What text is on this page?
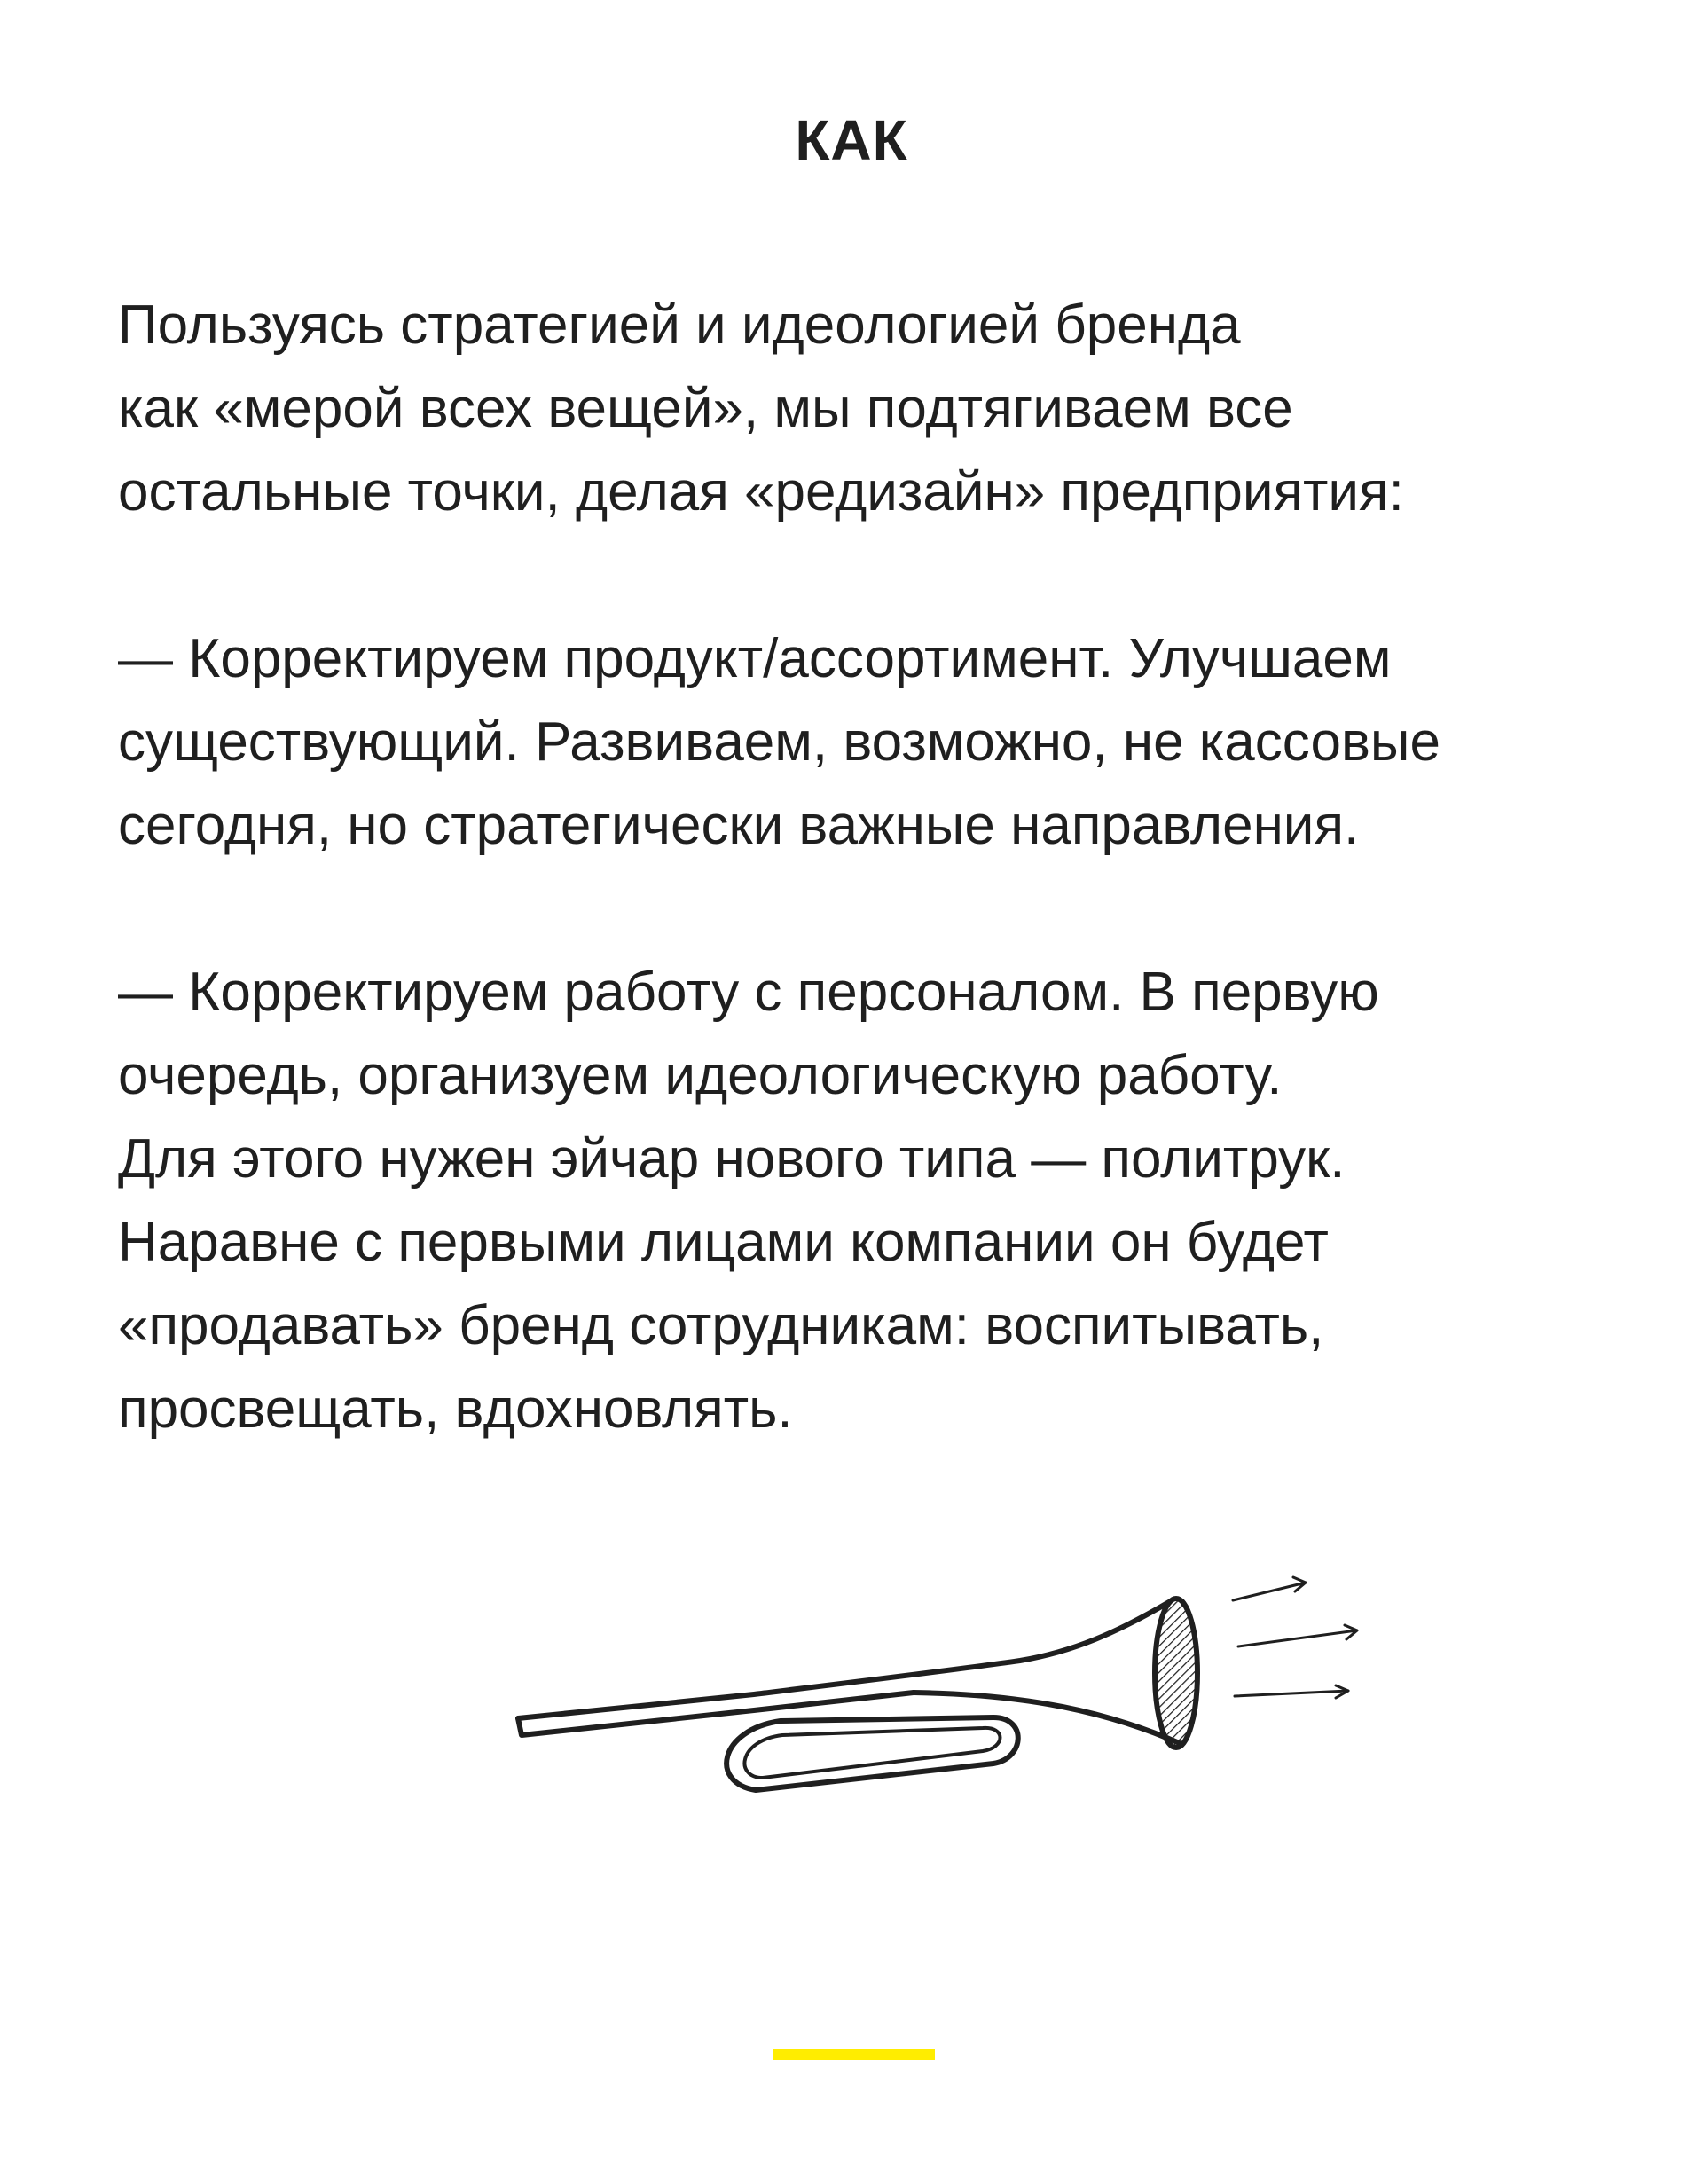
КАК

Пользуясь стратегией и идеологией бренда
как «мерой всех вещей», мы подтягиваем все
остальные точки, делая «редизайн» предприятия:

— Корректируем продукт/ассортимент. Улучшаем
существующий. Развиваем, возможно, не кассовые
сегодня, но стратегически важные направления.

— Корректируем работу с персоналом. В первую
очередь, организуем идеологическую работу.
Для этого нужен эйчар нового типа — политрук.
Наравне с первыми лицами компании он будет
«продавать» бренд сотрудникам: воспитывать,
просвещать, вдохновлять.
